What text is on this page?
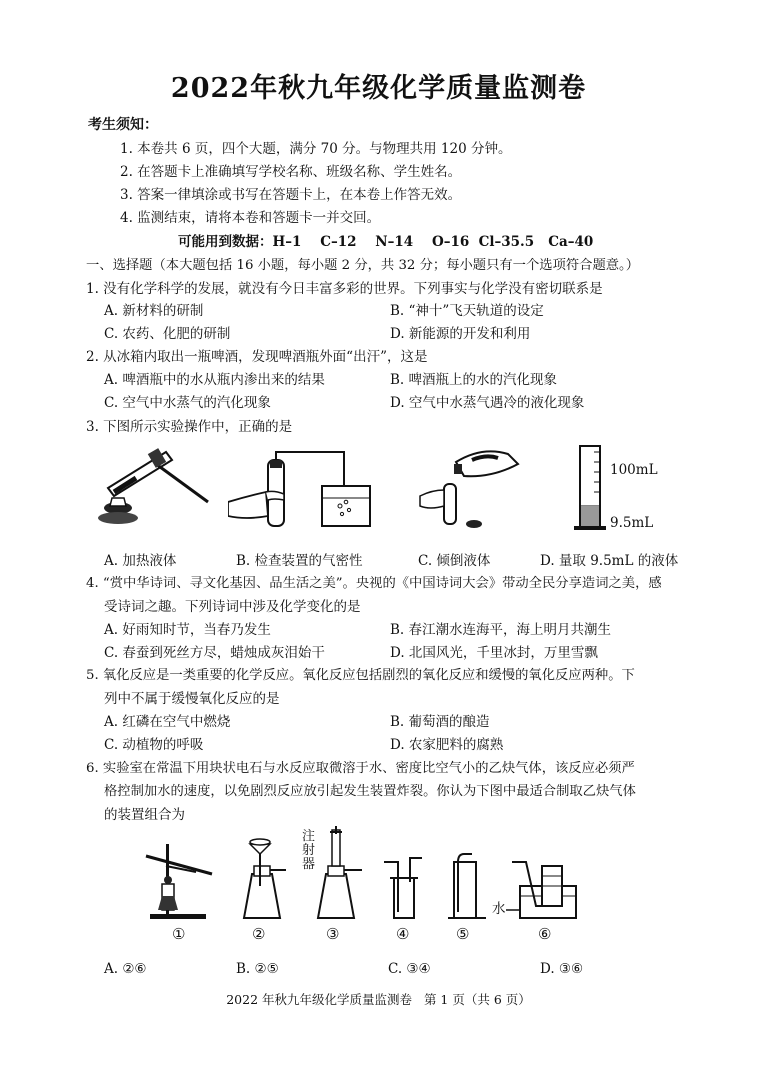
2022年秋九年级化学质量监测卷
考生须知：
1. 本卷共 6 页，四个大题，满分 70 分。与物理共用 120 分钟。
2. 在答题卡上准确填写学校名称、班级名称、学生姓名。
3. 答案一律填涂或书写在答题卡上，在本卷上作答无效。
4. 监测结束，请将本卷和答题卡一并交回。
可能用到数据：H–1    C–12    N–14    O–16  Cl–35.5   Ca–40
一、选择题（本大题包括 16 小题，每小题 2 分，共 32 分；每小题只有一个选项符合题意。）
1. 没有化学科学的发展，就没有今日丰富多彩的世界。下列事实与化学没有密切联系是
A. 新材料的研制	B. “神十”飞天轨道的设定
C. 农药、化肥的研制	D. 新能源的开发和利用
2. 从冰箱内取出一瓶啤酒，发现啤酒瓶外面“出汗”，这是
A. 啤酒瓶中的水从瓶内渗出来的结果	B. 啤酒瓶上的水的汽化现象
C. 空气中水蒸气的汽化现象	D. 空气中水蒸气遇冷的液化现象
3. 下图所示实验操作中，正确的是
100mL
9.5mL
A. 加热液体	B. 检查装置的气密性	C. 倾倒液体	D. 量取 9.5mL 的液体
4. “赏中华诗词、寻文化基因、品生活之美”。央视的《中国诗词大会》带动全民分享造词之美，感
受诗词之趣。下列诗词中涉及化学变化的是
A. 好雨知时节，当春乃发生	B. 春江潮水连海平，海上明月共潮生
C. 春蚕到死丝方尽，蜡烛成灰泪始干	D. 北国风光，千里冰封，万里雪飘
5. 氧化反应是一类重要的化学反应。氧化反应包括剧烈的氧化反应和缓慢的氧化反应两种。下
列中不属于缓慢氧化反应的是
A. 红磷在空气中燃烧	B. 葡萄酒的酿造
C. 动植物的呼吸	D. 农家肥料的腐熟
6. 实验室在常温下用块状电石与水反应取微溶于水、密度比空气小的乙炔气体，该反应必须严
格控制加水的速度，以免剧烈反应放引起发生装置炸裂。你认为下图中最适合制取乙炔气体
的装置组合为
注射器
水
①	②	③	④	⑤	⑥
A. ②⑥	B. ②⑤	C. ③④	D. ③⑥
2022 年秋九年级化学质量监测卷   第 1 页（共 6 页）
